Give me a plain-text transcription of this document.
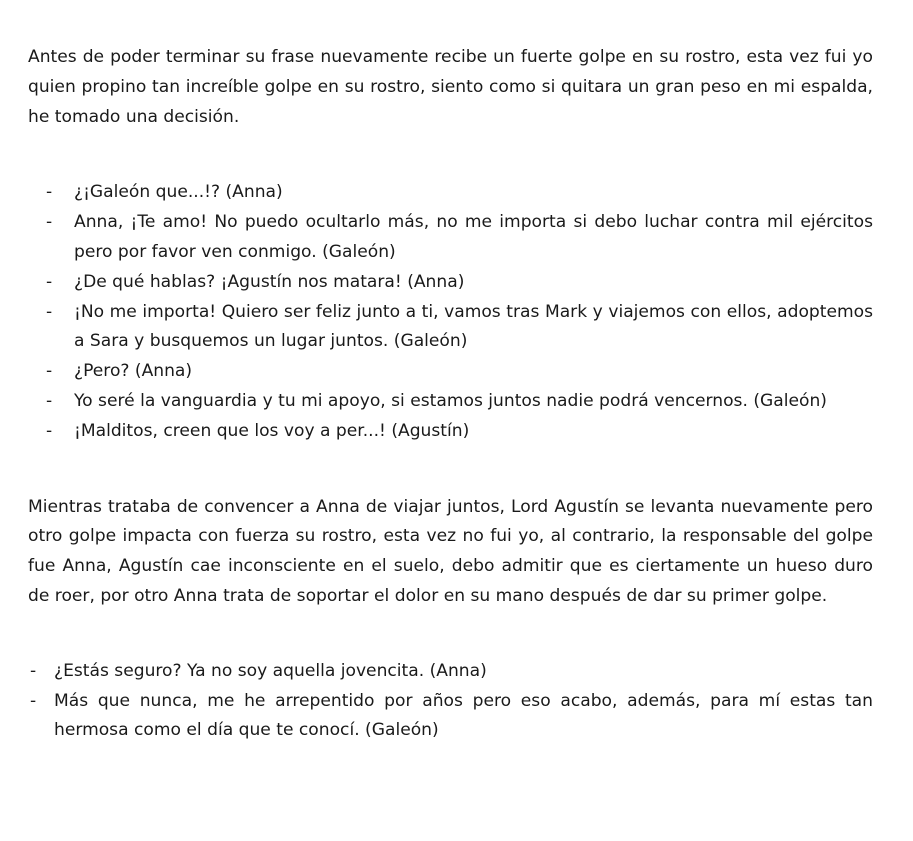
Antes de poder terminar su frase nuevamente recibe un fuerte golpe en su rostro, esta vez fui yo quien propino tan increíble golpe en su rostro, siento como si quitara un gran peso en mi espalda, he tomado una decisión.

- ¿¡Galeón que...!? (Anna)
- Anna, ¡Te amo! No puedo ocultarlo más, no me importa si debo luchar contra mil ejércitos pero por favor ven conmigo. (Galeón)
- ¿De qué hablas? ¡Agustín nos matara! (Anna)
- ¡No me importa! Quiero ser feliz junto a ti, vamos tras Mark y viajemos con ellos, adoptemos a Sara y busquemos un lugar juntos. (Galeón)
- ¿Pero? (Anna)
- Yo seré la vanguardia y tu mi apoyo, si estamos juntos nadie podrá vencernos. (Galeón)
- ¡Malditos, creen que los voy a per...! (Agustín)

Mientras trataba de convencer a Anna de viajar juntos, Lord Agustín se levanta nuevamente pero otro golpe impacta con fuerza su rostro, esta vez no fui yo, al contrario, la responsable del golpe fue Anna, Agustín cae inconsciente en el suelo, debo admitir que es ciertamente un hueso duro de roer, por otro Anna trata de soportar el dolor en su mano después de dar su primer golpe.

- ¿Estás seguro? Ya no soy aquella jovencita. (Anna)
- Más que nunca, me he arrepentido por años pero eso acabo, además, para mí estas tan hermosa como el día que te conocí. (Galeón)
